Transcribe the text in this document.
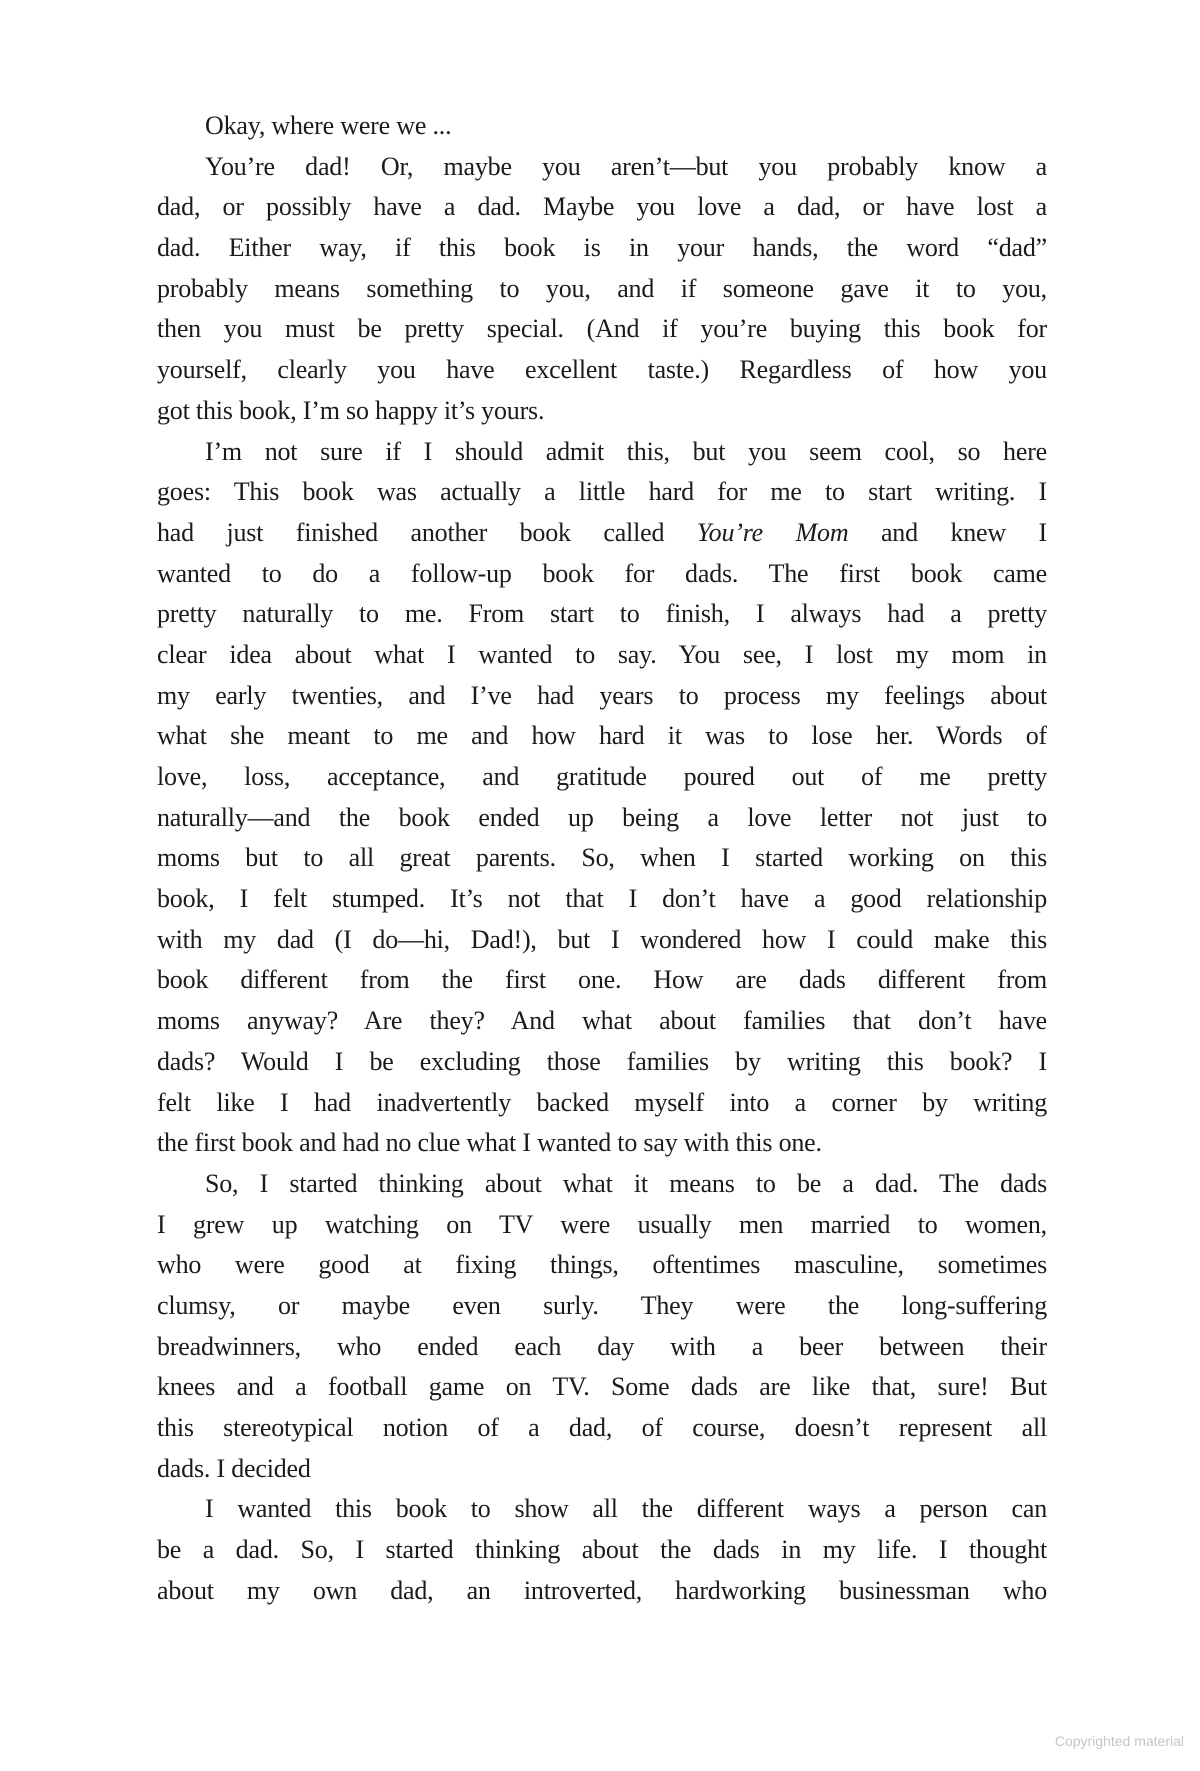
Okay, where were we ...
You’re dad! Or, maybe you aren’t—but you probably know a
dad, or possibly have a dad. Maybe you love a dad, or have lost a
dad. Either way, if this book is in your hands, the word “dad”
probably means something to you, and if someone gave it to you,
then you must be pretty special. (And if you’re buying this book for
yourself, clearly you have excellent taste.) Regardless of how you
got this book, I’m so happy it’s yours.
I’m not sure if I should admit this, but you seem cool, so here
goes: This book was actually a little hard for me to start writing. I
had just finished another book called You’re Mom and knew I
wanted to do a follow-up book for dads. The first book came
pretty naturally to me. From start to finish, I always had a pretty
clear idea about what I wanted to say. You see, I lost my mom in
my early twenties, and I’ve had years to process my feelings about
what she meant to me and how hard it was to lose her. Words of
love, loss, acceptance, and gratitude poured out of me pretty
naturally—and the book ended up being a love letter not just to
moms but to all great parents. So, when I started working on this
book, I felt stumped. It’s not that I don’t have a good relationship
with my dad (I do—hi, Dad!), but I wondered how I could make this
book different from the first one. How are dads different from
moms anyway? Are they? And what about families that don’t have
dads? Would I be excluding those families by writing this book? I
felt like I had inadvertently backed myself into a corner by writing
the first book and had no clue what I wanted to say with this one.
So, I started thinking about what it means to be a dad. The dads
I grew up watching on TV were usually men married to women,
who were good at fixing things, oftentimes masculine, sometimes
clumsy, or maybe even surly. They were the long-suffering
breadwinners, who ended each day with a beer between their
knees and a football game on TV. Some dads are like that, sure! But
this stereotypical notion of a dad, of course, doesn’t represent all
dads. I decided
I wanted this book to show all the different ways a person can
be a dad. So, I started thinking about the dads in my life. I thought
about my own dad, an introverted, hardworking businessman who
Copyrighted material
